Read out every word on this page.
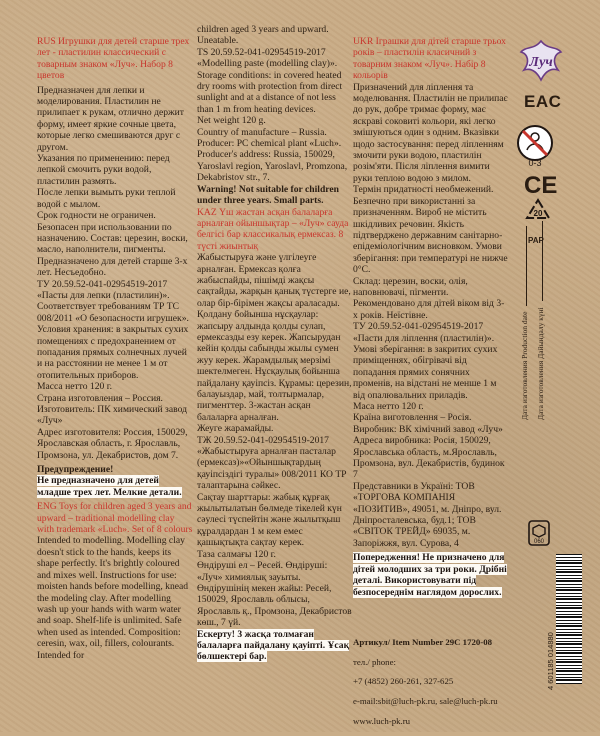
RUS Игрушки для детей старше трех лет - пластилин классический с товарным знаком «Луч». Набор 8 цветов

Предназначен для лепки и моделирования. Пластилин не прилипает к рукам, отлично держит форму, имеет яркие сочные цвета, которые легко смешиваются друг с другом.

Указания по применению: перед лепкой смочить руки водой, пластилин размять.

После лепки вымыть руки теплой водой с мылом.

Срок годности не ограничен.

Безопасен при использовании по назначению. Состав: церезин, воски, масло, наполнители, пигменты. Предназначено для детей старше 3-х лет. Несъедобно.

ТУ 20.59.52-041-02954519-2017 «Пасты для лепки (пластилин)». Соответствует требованиям ТР ТС 008/2011 «О безопасности игрушек». Условия хранения: в закрытых сухих помещениях с предохранением от попадания прямых солнечных лучей и на расстоянии не менее 1 м от отопительных приборов.

Масса нетто 120 г.

Страна изготовления – Россия. Изготовитель: ПК химический завод «Луч»

Адрес изготовителя: Россия, 150029, Ярославская область, г. Ярославль, Промзона, ул. Декабристов, дом 7.

Предупреждение!

Не предназначено для детей младше трех лет. Мелкие детали.

ENG Toys for children aged 3 years and upward – traditional modelling clay with trademark «Luch». Set of 8 colours

Intended to modelling. Modelling clay doesn't stick to the hands, keeps its shape perfectly. It's brightly coloured and mixes well. Instructions for use: moisten hands before modelling, knead the modeling clay. After modelling wash up your hands with warm water and soap. Shelf-life is unlimited. Safe when used as intended. Composition: ceresin, wax, oil, fillers, colourants. Intended for

children aged 3 years and upward. Uneatable.

TS 20.59.52-041-02954519-2017 «Modelling paste (modelling clay)». Storage conditions: in covered heated dry rooms with protection from direct sunlight and at a distance of not less than 1 m from heating devices.

Net weight 120 g.

Country of manufacture – Russia. Producer: PC chemical plant «Luch». Producer's address: Russia, 150029, Yaroslavl region, Yaroslavl, Promzona, Dekabristov str., 7.

Warning! Not suitable for children under three years. Small parts.

KAZ Үш жастан асқан балаларға арналған ойыншықтар – «Луч» сауда белгісі бар классикалық ермексаз. 8 түсті жиынтық

Жабыстыруға және үлгілеуге арналған. Ермексаз қолға жабыспайды, пішімді жақсы сақтайды, жарқын қанық түстерге ие, олар бір-бірімен жақсы араласады. Қолдану бойынша нұсқаулар: жапсыру алдында қолды сулап, ермексазды езу керек. Жапсырудан кейін қолды сабынды жылы сумен жуу керек. Жарамдылық мерзімі шектелмеген. Нұсқаулық бойынша пайдалану қауіпсіз. Құрамы: церезин, балауыздар, май, толтырмалар, пигменттер. 3-жастан асқан балаларға арналған.

Жеуге жарамайды.

ТЖ 20.59.52-041-02954519-2017 «Жабыстыруға арналған пасталар (ермексаз)»«Ойыншықтардың қауіпсіздігі туралы» 008/2011 КО ТР талаптарына сәйкес.

Сақтау шарттары: жабық құрғақ жылытылатын бөлмеде тікелей күн сәулесі түспейтін және жылытқыш құралдардан 1 м кем емес қашықтықта сақтау керек.

Таза салмағы 120 г.

Өндіруші ел – Ресей. Өндіруші: «Луч» химиялық зауыты.

Өндірушінің мекен жайы: Ресей, 150029, Ярославль облысы, Ярославль қ., Промзона, Декабристов көш., 7 үй.

Ескерту! 3 жасқа толмаған балаларға пайдалану қауіпті. Ұсақ бөлшектері бар.

UKR Іграшки для дітей старше трьох років – пластилін класичний з товарним знаком «Луч». Набір 8 кольорів

Призначений для ліплення та моделювання. Пластилін не прилипає до рук, добре тримає форму, має яскраві соковиті кольори, які легко змішуються один з одним. Вказівки щодо застосування: перед ліпленням змочити руки водою, пластилін розім'яти. Після ліплення вимити руки теплою водою з милом.

Термін придатності необмежений. Безпечно при використанні за призначенням. Вироб не містить шкідливих речовин. Якість підтверджено державним санітарно-епідеміологічним висновком. Умови зберігання: при температурі не нижче 0°С.

Склад: церезин, воски, олія, наповнювачі, пігменти. Рекомендовано для дітей віком від 3-х років. Неїстівне.

ТУ 20.59.52-041-02954519-2017 «Пасти для ліплення (пластилін)». Умові зберігання: в закритих сухих приміщеннях, обігрівачі від попадання прямих сонячних променів, на відстані не менше 1 м від опалювальних приладів.

Маса нетто 120 г.

Країна виготовлення – Росія. Виробник: ВК хімічний завод «Луч»

Адреса виробника: Росія, 150029, Ярославська область, м.Ярославль, Промзона, вул. Декабристів, будинок 7

Представники в Україні: ТОВ «ТОРГОВА КОМПАНІЯ «ПОЗИТИВ», 49051, м. Дніпро, вул. Дніпросталевська, буд.1; ТОВ «СВІТОК ТРЕЙД» 69035, м. Запоріжжя, вул. Сурова, 4

Попередження! Не призначено для дітей молодших за три роки. Дрібні деталі. Використовувати під безпосереднім наглядом дорослих.

Артикул/ Item Number 29С 1720-08

тел./ phone:

+7 (4852) 260-261, 327-625

e-mail:sbit@luch-pk.ru, sale@luch-pk.ru

www.luch-pk.ru

Луч
EAC
0-3
CE
20
PAP
Дата изготовления Production date Дата изготовления Дайындалу күні
060
4 601185 014880
